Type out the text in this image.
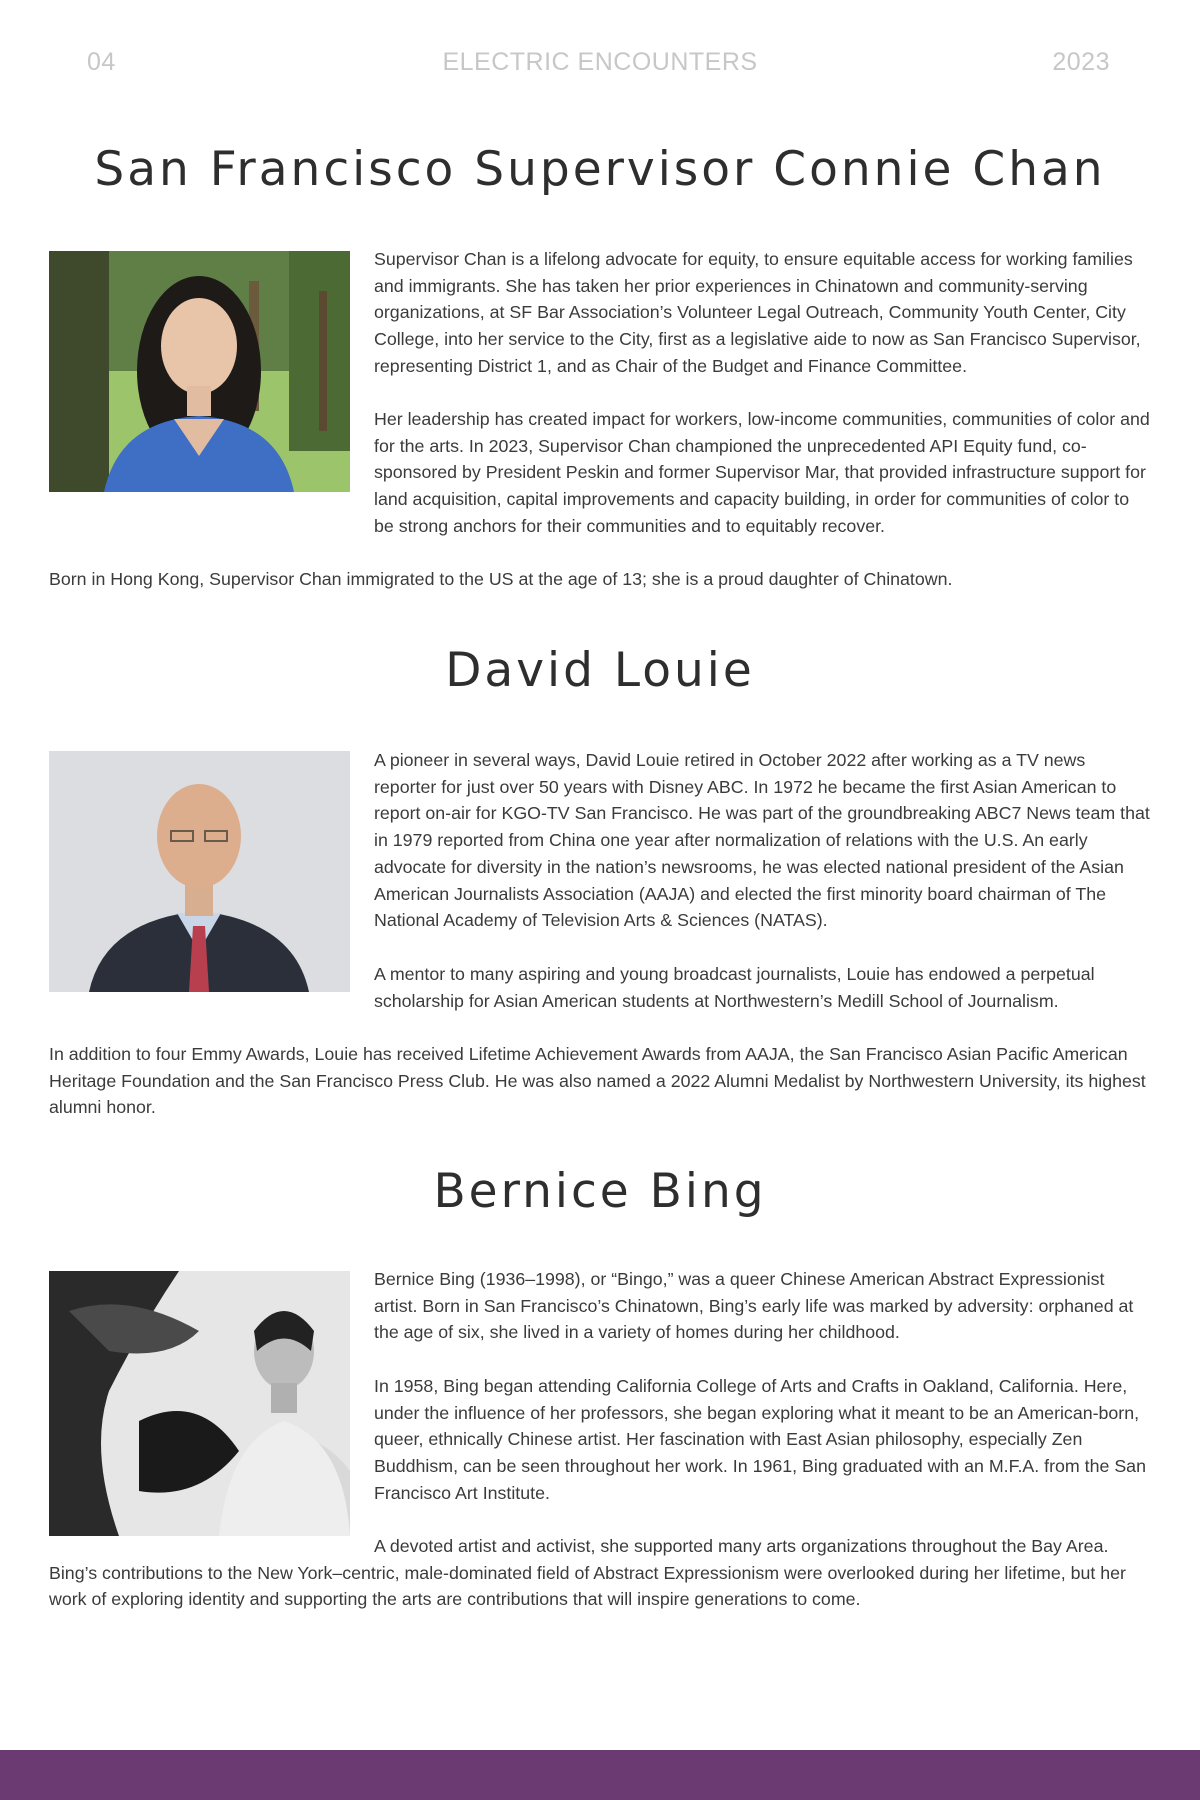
04	ELECTRIC ENCOUNTERS	2023
San Francisco Supervisor Connie Chan

Supervisor Chan is a lifelong advocate for equity, to ensure equitable access for working families and immigrants. She has taken her prior experiences in Chinatown and community-serving organizations, at SF Bar Association’s Volunteer Legal Outreach, Community Youth Center, City College, into her service to the City, first as a legislative aide to now as San Francisco Supervisor, representing District 1, and as Chair of the Budget and Finance Committee.

Her leadership has created impact for workers, low-income communities, communities of color and for the arts. In 2023, Supervisor Chan championed the unprecedented API Equity fund, co-sponsored by President Peskin and former Supervisor Mar, that provided infrastructure support for land acquisition, capital improvements and capacity building, in order for communities of color to be strong anchors for their communities and to equitably recover.

Born in Hong Kong, Supervisor Chan immigrated to the US at the age of 13; she is a proud daughter of Chinatown.

David Louie

A pioneer in several ways, David Louie retired in October 2022 after working as a TV news reporter for just over 50 years with Disney ABC. In 1972 he became the first Asian American to report on-air for KGO-TV San Francisco. He was part of the groundbreaking ABC7 News team that in 1979 reported from China one year after normalization of relations with the U.S. An early advocate for diversity in the nation’s newsrooms, he was elected national president of the Asian American Journalists Association (AAJA) and elected the first minority board chairman of The National Academy of Television Arts & Sciences (NATAS).

A mentor to many aspiring and young broadcast journalists, Louie has endowed a perpetual scholarship for Asian American students at Northwestern’s Medill School of Journalism.

In addition to four Emmy Awards, Louie has received Lifetime Achievement Awards from AAJA, the San Francisco Asian Pacific American Heritage Foundation and the San Francisco Press Club. He was also named a 2022 Alumni Medalist by Northwestern University, its highest alumni honor.

Bernice Bing

Bernice Bing (1936–1998), or “Bingo,” was a queer Chinese American Abstract Expressionist artist. Born in San Francisco’s Chinatown, Bing’s early life was marked by adversity: orphaned at the age of six, she lived in a variety of homes during her childhood.

In 1958, Bing began attending California College of Arts and Crafts in Oakland, California. Here, under the influence of her professors, she began exploring what it meant to be an American-born, queer, ethnically Chinese artist. Her fascination with East Asian philosophy, especially Zen Buddhism, can be seen throughout her work. In 1961, Bing graduated with an M.F.A. from the San Francisco Art Institute.

A devoted artist and activist, she supported many arts organizations throughout the Bay Area. Bing’s contributions to the New York–centric, male-dominated field of Abstract Expressionism were overlooked during her lifetime, but her work of exploring identity and supporting the arts are contributions that will inspire generations to come.
